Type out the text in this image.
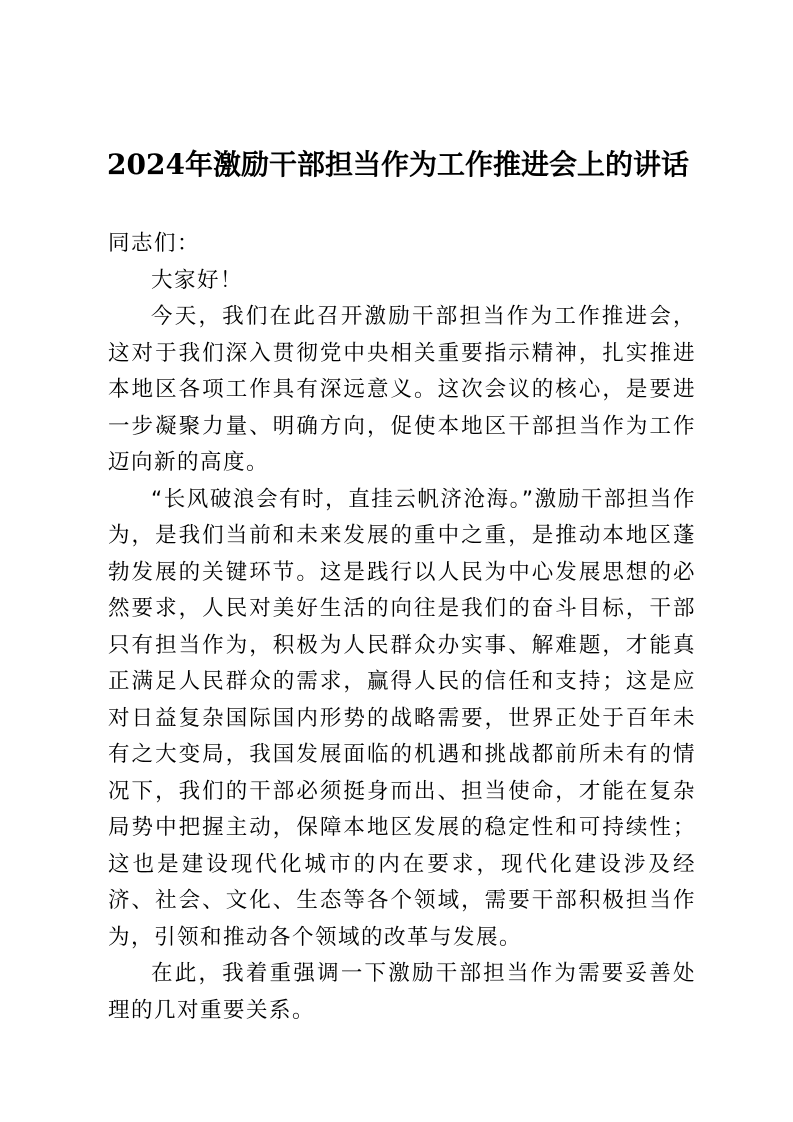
2024年激励干部担当作为工作推进会上的讲话

同志们：

大家好！

今天，我们在此召开激励干部担当作为工作推进会，这对于我们深入贯彻党中央相关重要指示精神，扎实推进本地区各项工作具有深远意义。这次会议的核心，是要进一步凝聚力量、明确方向，促使本地区干部担当作为工作迈向新的高度。

“长风破浪会有时，直挂云帆济沧海。”激励干部担当作为，是我们当前和未来发展的重中之重，是推动本地区蓬勃发展的关键环节。这是践行以人民为中心发展思想的必然要求，人民对美好生活的向往是我们的奋斗目标，干部只有担当作为，积极为人民群众办实事、解难题，才能真正满足人民群众的需求，赢得人民的信任和支持；这是应对日益复杂国际国内形势的战略需要，世界正处于百年未有之大变局，我国发展面临的机遇和挑战都前所未有的情况下，我们的干部必须挺身而出、担当使命，才能在复杂局势中把握主动，保障本地区发展的稳定性和可持续性；这也是建设现代化城市的内在要求，现代化建设涉及经济、社会、文化、生态等各个领域，需要干部积极担当作为，引领和推动各个领域的改革与发展。

在此，我着重强调一下激励干部担当作为需要妥善处理的几对重要关系。
